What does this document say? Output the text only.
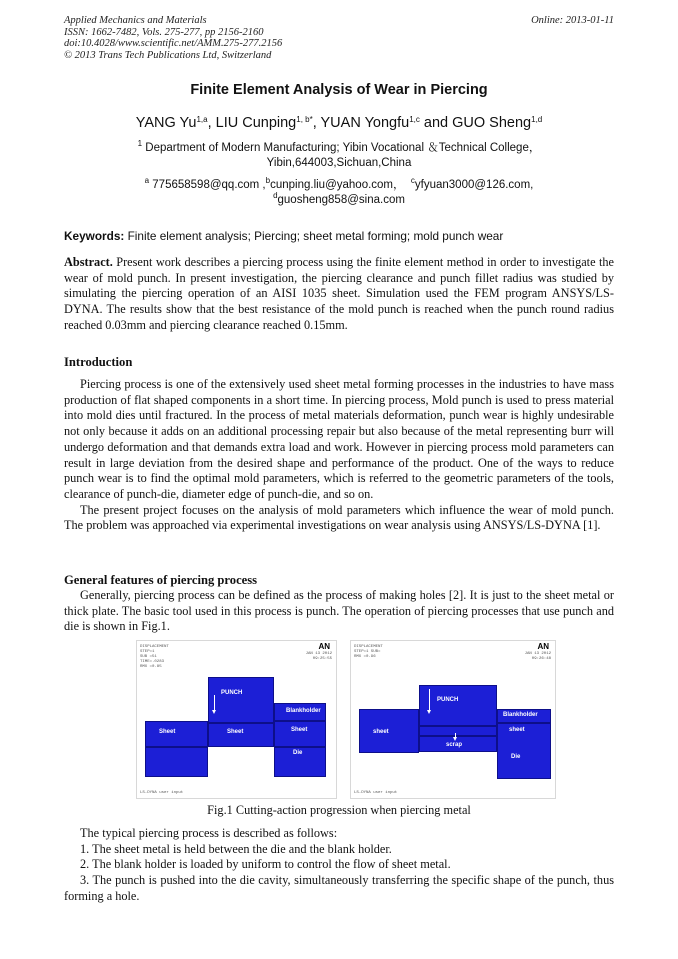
Applied Mechanics and Materials
ISSN: 1662-7482, Vols. 275-277, pp 2156-2160
doi:10.4028/www.scientific.net/AMM.275-277.2156
© 2013 Trans Tech Publications Ltd, Switzerland
Online: 2013-01-11
Finite Element Analysis of Wear in Piercing
YANG Yu$^{1,a}$, LIU Cunping$^{1, b*}$, YUAN Yongfu$^{1,c}$ and GUO Sheng$^{1,d}$
$^1$ Department of Modern Manufacturing; Yibin Vocational ＆Technical College，
Yibin,644003,Sichuan,China
$^a$ 775658598@qq.com ,$^b$cunping.liu@yahoo.com， $^c$yfyuan3000@126.com,
$^d$guosheng858@sina.com
Keywords: Finite element analysis; Piercing; sheet metal forming; mold punch wear

Abstract. Present work describes a piercing process using the finite element method in order to investigate the wear of mold punch. In present investigation, the piercing clearance and punch fillet radius was studied by simulating the piercing operation of an AISI 1035 sheet. Simulation used the FEM program ANSYS/LS-DYNA. The results show that the best resistance of the mold punch is reached when the punch round radius reached 0.03mm and piercing clearance reached 0.15mm.

Introduction

Piercing process is one of the extensively used sheet metal forming processes in the industries to have mass production of flat shaped components in a short time. In piercing process, Mold punch is used to press material into mold dies until fractured. In the process of metal materials deformation, punch wear is highly undesirable not only because it adds on an additional processing repair but also because of the metal representing burr will undergo deformation and that demands extra load and work. However in piercing process mold parameters can result in large deviation from the desired shape and performance of the product. One of the ways to reduce punch wear is to find the optimal mold parameters, which is referred to the geometric parameters of the tools, clearance of punch-die, diameter edge of punch-die, and so on.

The present project focuses on the analysis of mold parameters which influence the wear of mold punch. The problem was approached via experimental investigations on wear analysis using ANSYS/LS-DYNA [1].

General features of piercing process

Generally, piercing process can be defined as the process of making holes [2]. It is just to the sheet metal or thick plate. The basic tool used in this process is punch. The operation of piercing processes that use punch and die is shown in Fig.1.

DISPLACEMENT
STEP=1
SUB =51
TIME=.0283
RMX =0.85
AN
JAN 13 2012
09:25:55
PUNCH
Blankholder
Sheet	Sheet	Sheet
Die
LS-DYNA user input
DISPLACEMENT
STEP=1 SUB=
RMX =0.96
AN
JAN 13 2012
09:26:48
PUNCH
Blankholder
sheet	sheet
scrap
Die
LS-DYNA user input
Fig.1 Cutting-action progression when piercing metal

The typical piercing process is described as follows:

1. The sheet metal is held between the die and the blank holder.

2. The blank holder is loaded by uniform to control the flow of sheet metal.

3. The punch is pushed into the die cavity, simultaneously transferring the specific shape of the punch, thus forming a hole.
